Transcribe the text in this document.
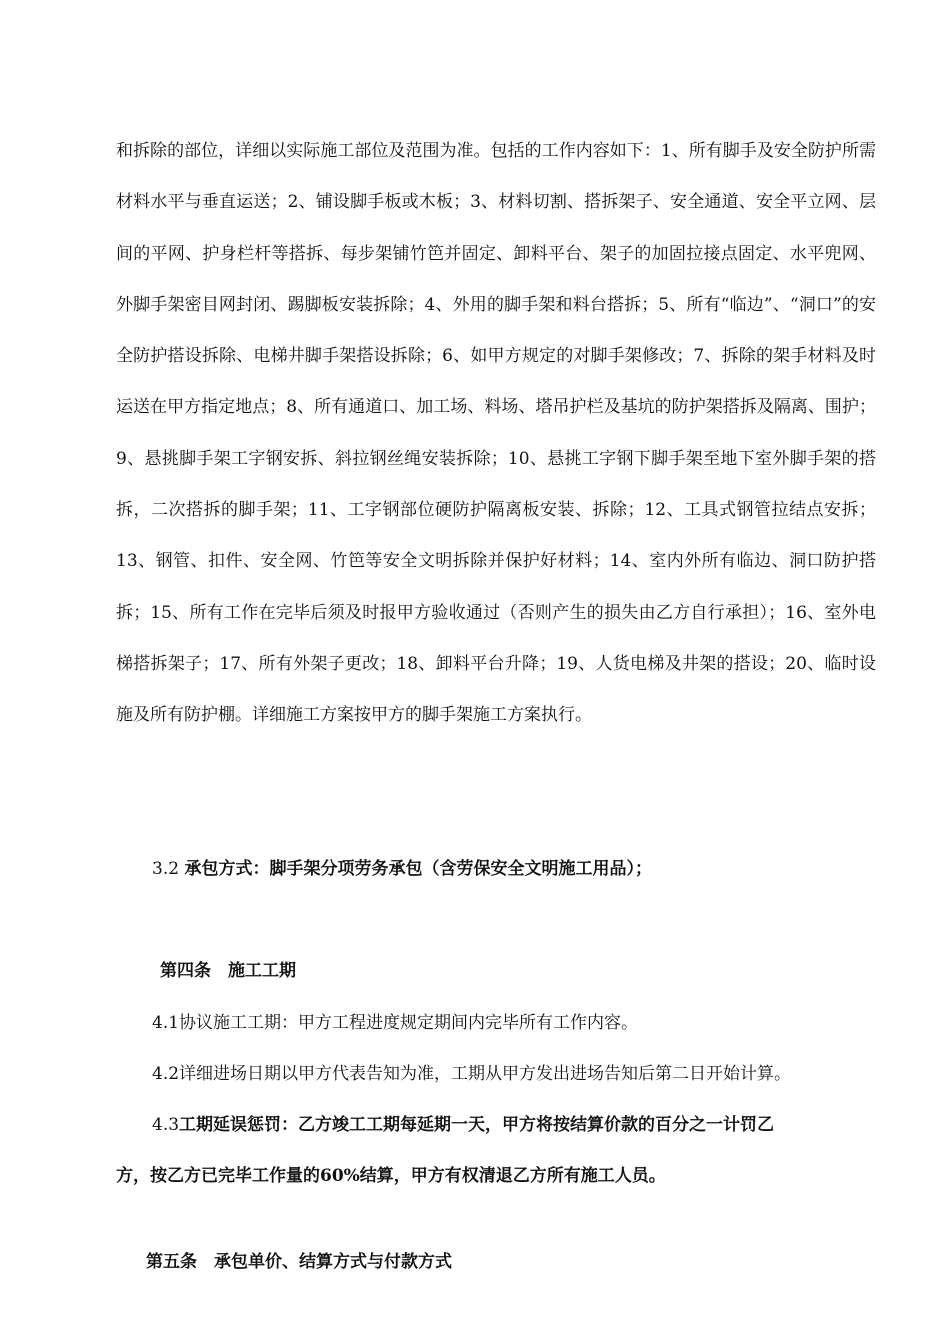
和拆除的部位，详细以实际施工部位及范围为准。包括的工作内容如下：1、所有脚手及安全防护所需材料水平与垂直运送；2、铺设脚手板或木板；3、材料切割、搭拆架子、安全通道、安全平立网、层间的平网、护身栏杆等搭拆、每步架铺竹笆并固定、卸料平台、架子的加固拉接点固定、水平兜网、外脚手架密目网封闭、踢脚板安装拆除；4、外用的脚手架和料台搭拆；5、所有“临边”、“洞口”的安全防护搭设拆除、电梯井脚手架搭设拆除；6、如甲方规定的对脚手架修改；7、拆除的架手材料及时运送在甲方指定地点；8、所有通道口、加工场、料场、塔吊护栏及基坑的防护架搭拆及隔离、围护；9、悬挑脚手架工字钢安拆、斜拉钢丝绳安装拆除；10、悬挑工字钢下脚手架至地下室外脚手架的搭拆，二次搭拆的脚手架；11、工字钢部位硬防护隔离板安装、拆除；12、工具式钢管拉结点安拆；13、钢管、扣件、安全网、竹笆等安全文明拆除并保护好材料；14、室内外所有临边、洞口防护搭拆；15、所有工作在完毕后须及时报甲方验收通过（否则产生的损失由乙方自行承担）；16、室外电梯搭拆架子；17、所有外架子更改；18、卸料平台升降；19、人货电梯及井架的搭设；20、临时设施及所有防护棚。详细施工方案按甲方的脚手架施工方案执行。

3.2 承包方式：脚手架分项劳务承包（含劳保安全文明施工用品）；
第四条　施工工期
4.1协议施工工期：甲方工程进度规定期间内完毕所有工作内容。
4.2详细进场日期以甲方代表告知为准，工期从甲方发出进场告知后第二日开始计算。
4.3工期延误惩罚：乙方竣工工期每延期一天，甲方将按结算价款的百分之一计罚乙
方，按乙方已完毕工作量的60%结算，甲方有权清退乙方所有施工人员。
第五条　承包单价、结算方式与付款方式
